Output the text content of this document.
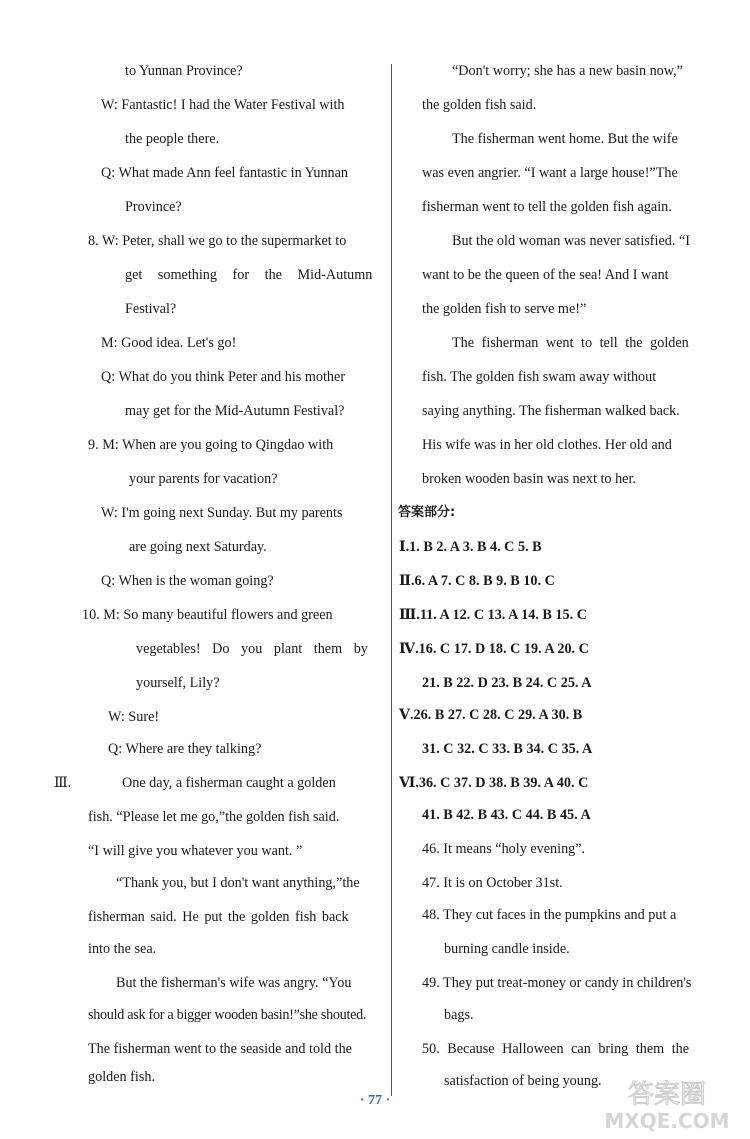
to Yunnan Province?
W: Fantastic! I had the Water Festival with
the people there.
Q: What made Ann feel fantastic in Yunnan
Province?
8. W: Peter, shall we go to the supermarket to
get something for the Mid-Autumn
Festival?
M: Good idea. Let's go!
Q: What do you think Peter and his mother
may get for the Mid-Autumn Festival?
9. M: When are you going to Qingdao with
your parents for vacation?
W: I'm going next Sunday. But my parents
are going next Saturday.
Q: When is the woman going?
10. M: So many beautiful flowers and green
vegetables! Do you plant them by
yourself, Lily?
W: Sure!
Q: Where are they talking?
Ⅲ.	One day, a fisherman caught a golden
fish. “Please let me go,”the golden fish said.
“I will give you whatever you want. ”
“Thank you, but I don't want anything,”the
fisherman said. He put the golden fish back
into the sea.
But the fisherman's wife was angry. “You
should ask for a bigger wooden basin!”she shouted.
The fisherman went to the seaside and told the
golden fish.
“Don't worry; she has a new basin now,”
the golden fish said.
The fisherman went home. But the wife
was even angrier. “I want a large house!”The
fisherman went to tell the golden fish again.
But the old woman was never satisfied. “I
want to be the queen of the sea! And I want
the golden fish to serve me!”
The fisherman went to tell the golden
fish. The golden fish swam away without
saying anything. The fisherman walked back.
His wife was in her old clothes. Her old and
broken wooden basin was next to her.
答案部分:
Ⅰ.1. B 2. A 3. B 4. C 5. B
Ⅱ.6. A 7. C 8. B 9. B 10. C
Ⅲ.11. A 12. C 13. A 14. B 15. C
Ⅳ.16. C 17. D 18. C 19. A 20. C
21. B 22. D 23. B 24. C 25. A
Ⅴ.26. B 27. C 28. C 29. A 30. B
31. C 32. C 33. B 34. C 35. A
Ⅵ.36. C 37. D 38. B 39. A 40. C
41. B 42. B 43. C 44. B 45. A
46. It means “holy evening”.
47. It is on October 31st.
48. They cut faces in the pumpkins and put a
burning candle inside.
49. They put treat-money or candy in children's
bags.
50. Because Halloween can bring them the
satisfaction of being young.
· 77 ·	答案圈
MXQE.COM
